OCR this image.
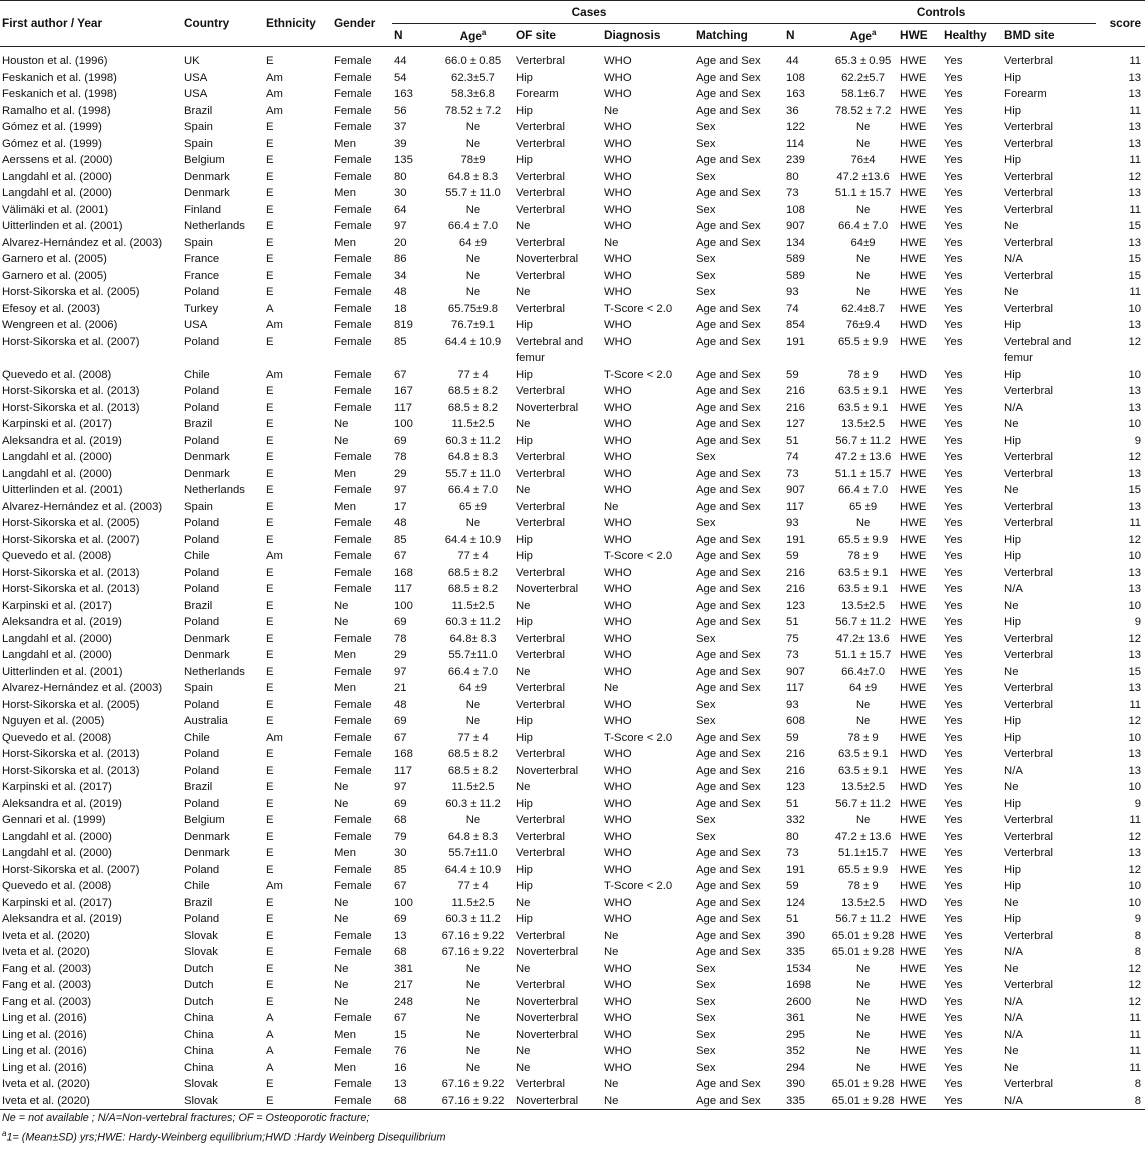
First author / Year	Country	Ethnicity	Gender	Cases					Controls					score
				N	Age$^a$	OF site	Diagnosis	Matching	N	Age$^a$	HWE	Healthy	BMD site	
Houston et al. (1996)	UK	E	Female	44	66.0 ± 0.85	Verterbral	WHO	Age and Sex	44	65.3 ± 0.95	HWE	Yes	Verterbral	11
Feskanich et al. (1998)	USA	Am	Female	54	62.3±5.7	Hip	WHO	Age and Sex	108	62.2±5.7	HWE	Yes	Hip	13
Feskanich et al. (1998)	USA	Am	Female	163	58.3±6.8	Forearm	WHO	Age and Sex	163	58.1±6.7	HWE	Yes	Forearm	13
Ramalho et al. (1998)	Brazil	Am	Female	56	78.52 ± 7.2	Hip	Ne	Age and Sex	36	78.52 ± 7.2	HWE	Yes	Hip	11
Gómez et al. (1999)	Spain	E	Female	37	Ne	Verterbral	WHO	Sex	122	Ne	HWE	Yes	Verterbral	13
Gómez et al. (1999)	Spain	E	Men	39	Ne	Verterbral	WHO	Sex	114	Ne	HWE	Yes	Verterbral	13
Aerssens et al. (2000)	Belgium	E	Female	135	78±9	Hip	WHO	Age and Sex	239	76±4	HWE	Yes	Hip	11
Langdahl et al. (2000)	Denmark	E	Female	80	64.8 ± 8.3	Verterbral	WHO	Sex	80	47.2 ±13.6	HWE	Yes	Verterbral	12
Langdahl et al. (2000)	Denmark	E	Men	30	55.7 ± 11.0	Verterbral	WHO	Age and Sex	73	51.1 ± 15.7	HWE	Yes	Verterbral	13
Välimäki et al. (2001)	Finland	E	Female	64	Ne	Verterbral	WHO	Sex	108	Ne	HWE	Yes	Verterbral	11
Uitterlinden et al. (2001)	Netherlands	E	Female	97	66.4 ± 7.0	Ne	WHO	Age and Sex	907	66.4 ± 7.0	HWE	Yes	Ne	15
Alvarez-Hernández et al. (2003)	Spain	E	Men	20	64 ±9	Verterbral	Ne	Age and Sex	134	64±9	HWE	Yes	Verterbral	13
Garnero et al. (2005)	France	E	Female	86	Ne	Noverterbral	WHO	Sex	589	Ne	HWE	Yes	N/A	15
Garnero et al. (2005)	France	E	Female	34	Ne	Verterbral	WHO	Sex	589	Ne	HWE	Yes	Verterbral	15
Horst-Sikorska et al. (2005)	Poland	E	Female	48	Ne	Ne	WHO	Sex	93	Ne	HWE	Yes	Ne	11
Efesoy et al. (2003)	Turkey	A	Female	18	65.75±9.8	Verterbral	T-Score < 2.0	Age and Sex	74	62.4±8.7	HWE	Yes	Verterbral	10
Wengreen et al. (2006)	USA	Am	Female	819	76.7±9.1	Hip	WHO	Age and Sex	854	76±9.4	HWD	Yes	Hip	13
Horst-Sikorska et al. (2007)	Poland	E	Female	85	64.4 ± 10.9	Vertebral and femur	WHO	Age and Sex	191	65.5 ± 9.9	HWE	Yes	Vertebral and femur	12
Quevedo et al. (2008)	Chile	Am	Female	67	77 ± 4	Hip	T-Score < 2.0	Age and Sex	59	78 ± 9	HWD	Yes	Hip	10
Horst-Sikorska et al. (2013)	Poland	E	Female	167	68.5 ± 8.2	Verterbral	WHO	Age and Sex	216	63.5 ± 9.1	HWE	Yes	Verterbral	13
Horst-Sikorska et al. (2013)	Poland	E	Female	117	68.5 ± 8.2	Noverterbral	WHO	Age and Sex	216	63.5 ± 9.1	HWE	Yes	N/A	13
Karpinski et al. (2017)	Brazil	E	Ne	100	11.5±2.5	Ne	WHO	Age and Sex	127	13.5±2.5	HWE	Yes	Ne	10
Aleksandra et al. (2019)	Poland	E	Ne	69	60.3 ± 11.2	Hip	WHO	Age and Sex	51	56.7 ± 11.2	HWE	Yes	Hip	9
Langdahl et al. (2000)	Denmark	E	Female	78	64.8 ± 8.3	Verterbral	WHO	Sex	74	47.2 ± 13.6	HWE	Yes	Verterbral	12
Langdahl et al. (2000)	Denmark	E	Men	29	55.7 ± 11.0	Verterbral	WHO	Age and Sex	73	51.1 ± 15.7	HWE	Yes	Verterbral	13
Uitterlinden et al. (2001)	Netherlands	E	Female	97	66.4 ± 7.0	Ne	WHO	Age and Sex	907	66.4 ± 7.0	HWE	Yes	Ne	15
Alvarez-Hernández et al. (2003)	Spain	E	Men	17	65 ±9	Verterbral	Ne	Age and Sex	117	65 ±9	HWE	Yes	Verterbral	13
Horst-Sikorska et al. (2005)	Poland	E	Female	48	Ne	Verterbral	WHO	Sex	93	Ne	HWE	Yes	Verterbral	11
Horst-Sikorska et al. (2007)	Poland	E	Female	85	64.4 ± 10.9	Hip	WHO	Age and Sex	191	65.5 ± 9.9	HWE	Yes	Hip	12
Quevedo et al. (2008)	Chile	Am	Female	67	77 ± 4	Hip	T-Score < 2.0	Age and Sex	59	78 ± 9	HWE	Yes	Hip	10
Horst-Sikorska et al. (2013)	Poland	E	Female	168	68.5 ± 8.2	Verterbral	WHO	Age and Sex	216	63.5 ± 9.1	HWE	Yes	Verterbral	13
Horst-Sikorska et al. (2013)	Poland	E	Female	117	68.5 ± 8.2	Noverterbral	WHO	Age and Sex	216	63.5 ± 9.1	HWE	Yes	N/A	13
Karpinski et al. (2017)	Brazil	E	Ne	100	11.5±2.5	Ne	WHO	Age and Sex	123	13.5±2.5	HWE	Yes	Ne	10
Aleksandra et al. (2019)	Poland	E	Ne	69	60.3 ± 11.2	Hip	WHO	Age and Sex	51	56.7 ± 11.2	HWE	Yes	Hip	9
Langdahl et al. (2000)	Denmark	E	Female	78	64.8± 8.3	Verterbral	WHO	Sex	75	47.2± 13.6	HWE	Yes	Verterbral	12
Langdahl et al. (2000)	Denmark	E	Men	29	55.7±11.0	Verterbral	WHO	Age and Sex	73	51.1 ± 15.7	HWE	Yes	Verterbral	13
Uitterlinden et al. (2001)	Netherlands	E	Female	97	66.4 ± 7.0	Ne	WHO	Age and Sex	907	66.4±7.0	HWE	Yes	Ne	15
Alvarez-Hernández et al. (2003)	Spain	E	Men	21	64 ±9	Verterbral	Ne	Age and Sex	117	64 ±9	HWE	Yes	Verterbral	13
Horst-Sikorska et al. (2005)	Poland	E	Female	48	Ne	Verterbral	WHO	Sex	93	Ne	HWE	Yes	Verterbral	11
Nguyen et al. (2005)	Australia	E	Female	69	Ne	Hip	WHO	Sex	608	Ne	HWE	Yes	Hip	12
Quevedo et al. (2008)	Chile	Am	Female	67	77 ± 4	Hip	T-Score < 2.0	Age and Sex	59	78 ± 9	HWE	Yes	Hip	10
Horst-Sikorska et al. (2013)	Poland	E	Female	168	68.5 ± 8.2	Verterbral	WHO	Age and Sex	216	63.5 ± 9.1	HWD	Yes	Verterbral	13
Horst-Sikorska et al. (2013)	Poland	E	Female	117	68.5 ± 8.2	Noverterbral	WHO	Age and Sex	216	63.5 ± 9.1	HWE	Yes	N/A	13
Karpinski et al. (2017)	Brazil	E	Ne	97	11.5±2.5	Ne	WHO	Age and Sex	123	13.5±2.5	HWD	Yes	Ne	10
Aleksandra et al. (2019)	Poland	E	Ne	69	60.3 ± 11.2	Hip	WHO	Age and Sex	51	56.7 ± 11.2	HWE	Yes	Hip	9
Gennari et al. (1999)	Belgium	E	Female	68	Ne	Verterbral	WHO	Sex	332	Ne	HWE	Yes	Verterbral	11
Langdahl et al. (2000)	Denmark	E	Female	79	64.8 ± 8.3	Verterbral	WHO	Sex	80	47.2 ± 13.6	HWE	Yes	Verterbral	12
Langdahl et al. (2000)	Denmark	E	Men	30	55.7±11.0	Verterbral	WHO	Age and Sex	73	51.1±15.7	HWE	Yes	Verterbral	13
Horst-Sikorska et al. (2007)	Poland	E	Female	85	64.4 ± 10.9	Hip	WHO	Age and Sex	191	65.5 ± 9.9	HWE	Yes	Hip	12
Quevedo et al. (2008)	Chile	Am	Female	67	77 ± 4	Hip	T-Score < 2.0	Age and Sex	59	78 ± 9	HWE	Yes	Hip	10
Karpinski et al. (2017)	Brazil	E	Ne	100	11.5±2.5	Ne	WHO	Age and Sex	124	13.5±2.5	HWD	Yes	Ne	10
Aleksandra et al. (2019)	Poland	E	Ne	69	60.3 ± 11.2	Hip	WHO	Age and Sex	51	56.7 ± 11.2	HWE	Yes	Hip	9
Iveta et al. (2020)	Slovak	E	Female	13	67.16 ± 9.22	Verterbral	Ne	Age and Sex	390	65.01 ± 9.28	HWE	Yes	Verterbral	8
Iveta et al. (2020)	Slovak	E	Female	68	67.16 ± 9.22	Noverterbral	Ne	Age and Sex	335	65.01 ± 9.28	HWE	Yes	N/A	8
Fang et al. (2003)	Dutch	E	Ne	381	Ne	Ne	WHO	Sex	1534	Ne	HWE	Yes	Ne	12
Fang et al. (2003)	Dutch	E	Ne	217	Ne	Verterbral	WHO	Sex	1698	Ne	HWE	Yes	Verterbral	12
Fang et al. (2003)	Dutch	E	Ne	248	Ne	Noverterbral	WHO	Sex	2600	Ne	HWD	Yes	N/A	12
Ling et al. (2016)	China	A	Female	67	Ne	Noverterbral	WHO	Sex	361	Ne	HWE	Yes	N/A	11
Ling et al. (2016)	China	A	Men	15	Ne	Noverterbral	WHO	Sex	295	Ne	HWE	Yes	N/A	11
Ling et al. (2016)	China	A	Female	76	Ne	Ne	WHO	Sex	352	Ne	HWE	Yes	Ne	11
Ling et al. (2016)	China	A	Men	16	Ne	Ne	WHO	Sex	294	Ne	HWE	Yes	Ne	11
Iveta et al. (2020)	Slovak	E	Female	13	67.16 ± 9.22	Verterbral	Ne	Age and Sex	390	65.01 ± 9.28	HWE	Yes	Verterbral	8
Iveta et al. (2020)	Slovak	E	Female	68	67.16 ± 9.22	Noverterbral	Ne	Age and Sex	335	65.01 ± 9.28	HWE	Yes	N/A	8
Ne = not available ; N/A=Non-vertebral fractures; OF = Osteoporotic fracture;
$^a$1= (Mean±SD) yrs;HWE: Hardy-Weinberg equilibrium;HWD :Hardy Weinberg Disequilibrium
